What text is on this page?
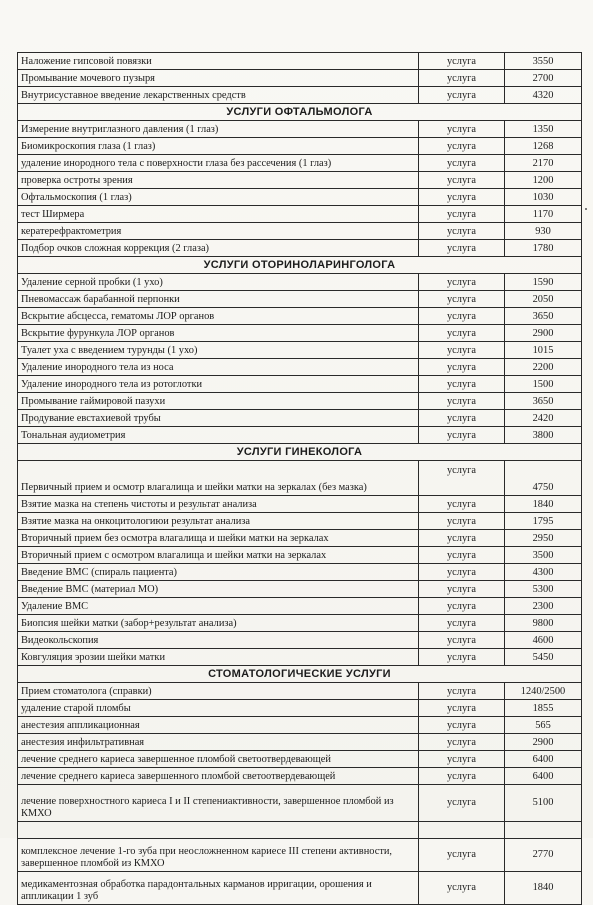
Наложение гипсовой повязки	услуга	3550
Промывание мочевого пузыря	услуга	2700
Внутрисуставное введение лекарственных средств	услуга	4320
УСЛУГИ ОФТАЛЬМОЛОГА		
Измерение внутриглазного давления (1 глаз)	услуга	1350
Биомикроскопия глаза (1 глаз)	услуга	1268
удаление инородного тела с поверхности глаза без рассечения (1 глаз)	услуга	2170
проверка остроты зрения	услуга	1200
Офтальмоскопия (1 глаз)	услуга	1030
тест Ширмера	услуга	1170
кератерефрактометрия	услуга	930
Подбор очков сложная коррекция (2 глаза)	услуга	1780
УСЛУГИ ОТОРИНОЛАРИНГОЛОГА		
Удаление серной пробки (1 ухо)	услуга	1590
Пневомассаж барабанной перпонки	услуга	2050
Вскрытие абсцесса, гематомы ЛОР органов	услуга	3650
Вскрытие фурункула ЛОР органов	услуга	2900
Туалет уха с введением турунды (1 ухо)	услуга	1015
Удаление инородного тела из носа	услуга	2200
Удаление инородного тела из ротоглотки	услуга	1500
Промывание гаймировой пазухи	услуга	3650
Продувание евстахиевой трубы	услуга	2420
Тональная аудиометрия	услуга	3800
УСЛУГИ ГИНЕКОЛОГА		
Первичный прием и осмотр влагалища и шейки матки на зеркалах (без мазка)	услуга	4750
Взятие мазка на степень чистоты и результат анализа	услуга	1840
Взятие мазка на онкоцитологиюи результат анализа	услуга	1795
Вторичный прием без осмотра влагалища и шейки матки на зеркалах	услуга	2950
Вторичный прием с осмотром влагалища и шейки матки на зеркалах	услуга	3500
Введение ВМС (спираль пациента)	услуга	4300
Введение ВМС (материал МО)	услуга	5300
Удаление ВМС	услуга	2300
Биопсия шейки матки (забор+результат анализа)	услуга	9800
Видеокольскопия	услуга	4600
Ковгуляция эрозии шейки матки	услуга	5450
СТОМАТОЛОГИЧЕСКИЕ УСЛУГИ		
Прием стоматолога (справки)	услуга	1240/2500
удаление старой пломбы	услуга	1855
анестезия аппликационная	услуга	565
анестезия инфильтративная	услуга	2900
лечение среднего кариеса завершенное пломбой светоотвердевающей	услуга	6400
лечение среднего кариеса завершенного пломбой светоотвердевающей	услуга	6400
лечение поверхностного кариеса I и II степениактивности, завершенное пломбой из КМХО	услуга	5100

комплексное лечение 1-го зуба при неосложненном кариесе III степени активности, завершенное пломбой из КМХО	услуга	2770
медикаментозная обработка парадонтальных карманов ирригации, орошения и аппликации 1 зуб	услуга	1840
